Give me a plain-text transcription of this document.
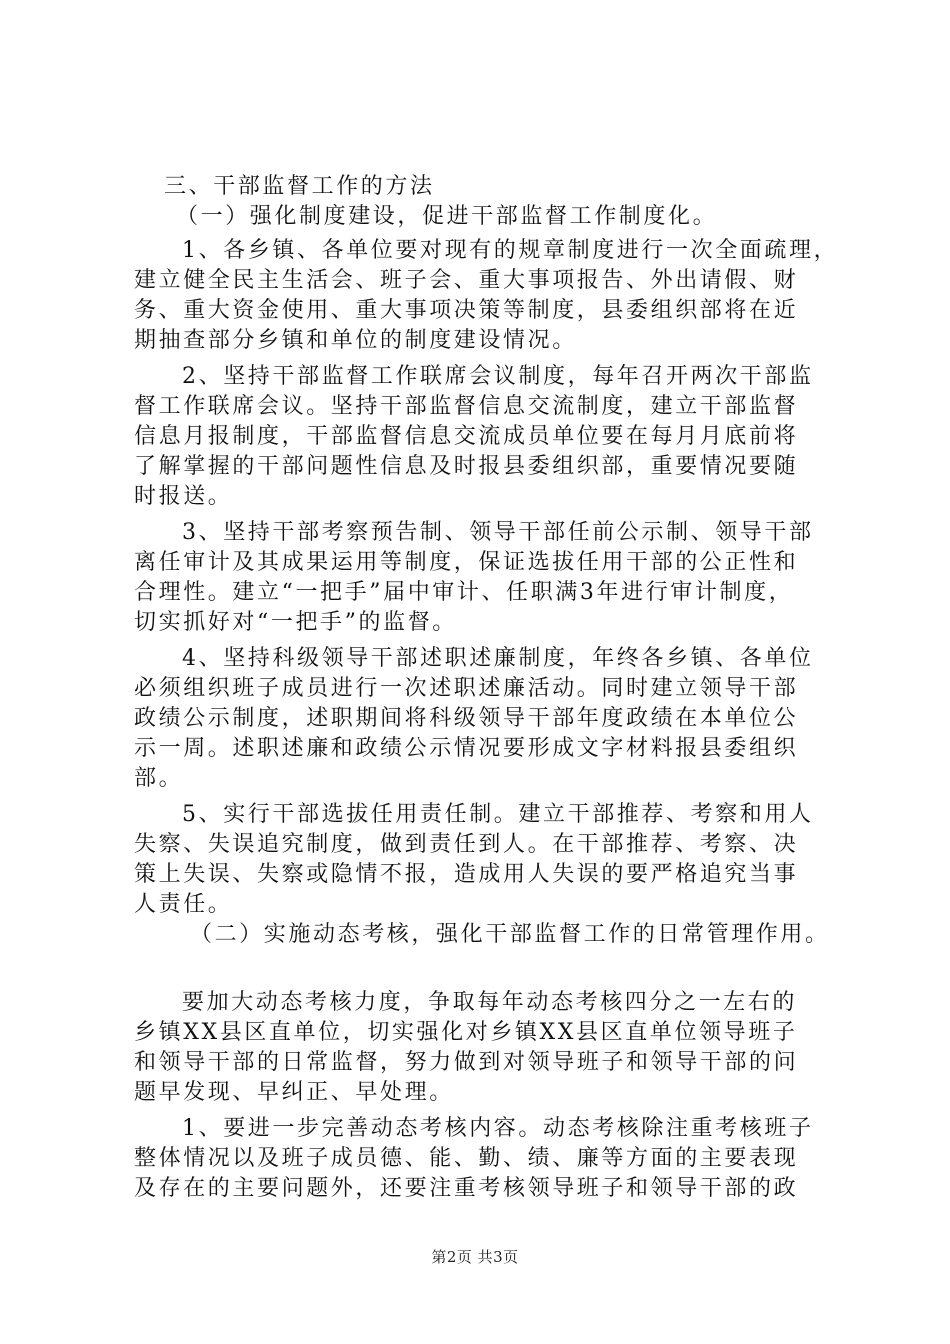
三、干部监督工作的方法
（一）强化制度建设，促进干部监督工作制度化。
1、各乡镇、各单位要对现有的规章制度进行一次全面疏理，
建立健全民主生活会、班子会、重大事项报告、外出请假、财
务、重大资金使用、重大事项决策等制度，县委组织部将在近
期抽查部分乡镇和单位的制度建设情况。
2、坚持干部监督工作联席会议制度，每年召开两次干部监
督工作联席会议。坚持干部监督信息交流制度，建立干部监督
信息月报制度，干部监督信息交流成员单位要在每月月底前将
了解掌握的干部问题性信息及时报县委组织部，重要情况要随
时报送。
3、坚持干部考察预告制、领导干部任前公示制、领导干部
离任审计及其成果运用等制度，保证选拔任用干部的公正性和
合理性。建立“一把手”届中审计、任职满3年进行审计制度，
切实抓好对“一把手”的监督。
4、坚持科级领导干部述职述廉制度，年终各乡镇、各单位
必须组织班子成员进行一次述职述廉活动。同时建立领导干部
政绩公示制度，述职期间将科级领导干部年度政绩在本单位公
示一周。述职述廉和政绩公示情况要形成文字材料报县委组织
部。
5、实行干部选拔任用责任制。建立干部推荐、考察和用人
失察、失误追究制度，做到责任到人。在干部推荐、考察、决
策上失误、失察或隐情不报，造成用人失误的要严格追究当事
人责任。
（二）实施动态考核，强化干部监督工作的日常管理作用。
要加大动态考核力度，争取每年动态考核四分之一左右的
乡镇XX县区直单位，切实强化对乡镇XX县区直单位领导班子
和领导干部的日常监督，努力做到对领导班子和领导干部的问
题早发现、早纠正、早处理。
1、要进一步完善动态考核内容。动态考核除注重考核班子
整体情况以及班子成员德、能、勤、绩、廉等方面的主要表现
及存在的主要问题外，还要注重考核领导班子和领导干部的政
第2页 共3页
